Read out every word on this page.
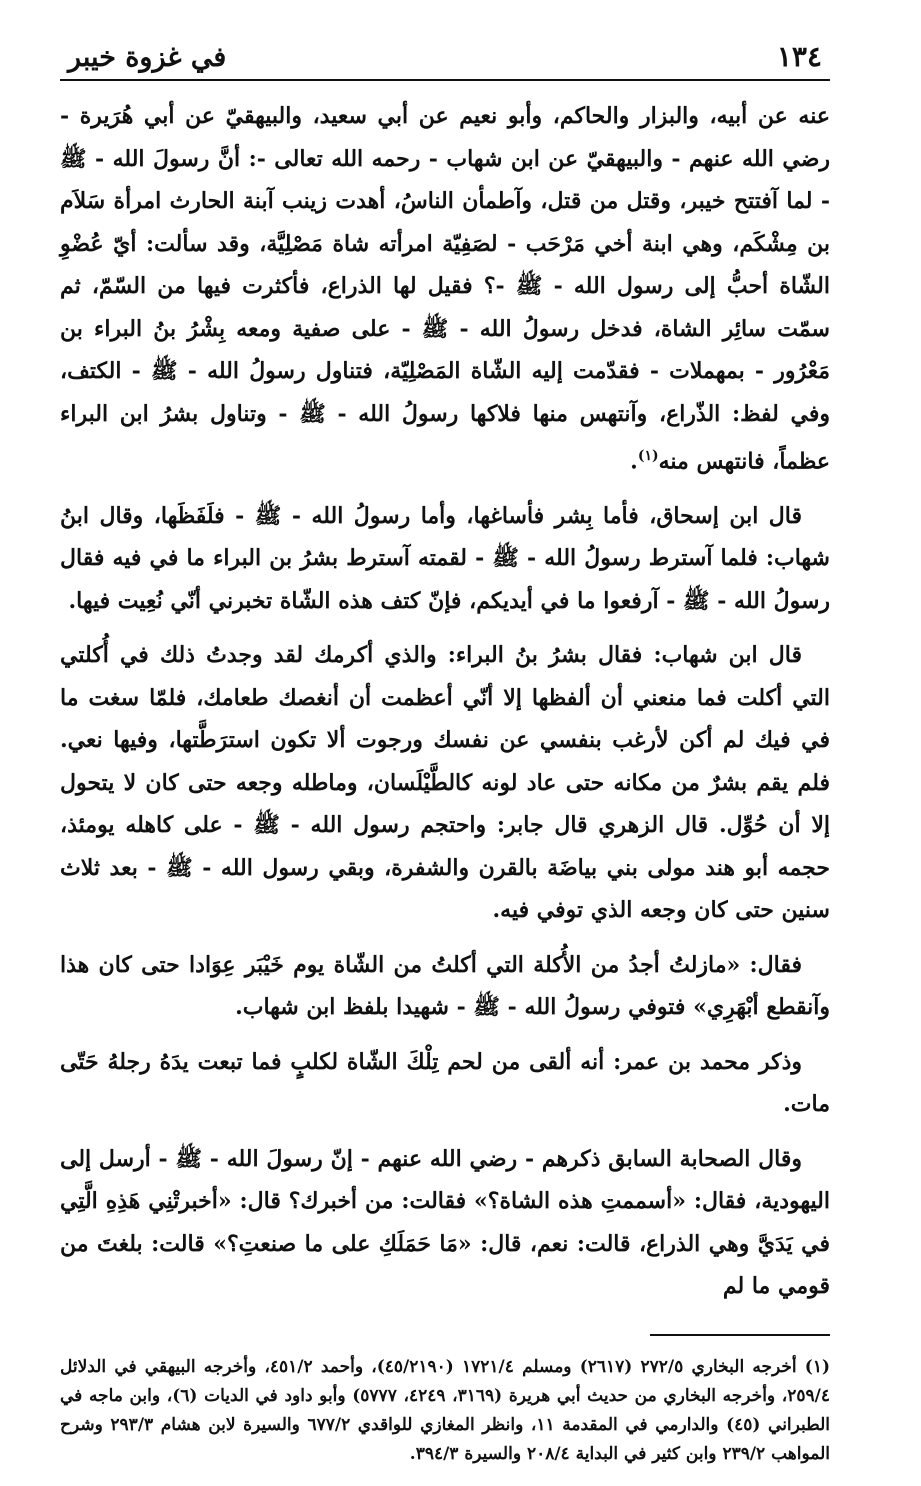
١٣٤
في غزوة خيبر

عنه عن أبيه، والبزار والحاكم، وأبو نعيم عن أبي سعيد، والبيهقيّ عن أبي هُرَيرة - رضي الله عنهم - والبيهقيّ عن ابن شهاب - رحمه الله تعالى -: أنَّ رسولَ الله - ﷺ - لما آفتتح خيبر، وقتل من قتل، وآطمأن الناسُ، أهدت زينب آبنة الحارث امرأة سَلاَم بن مِشْكَم، وهي ابنة أخي مَرْحَب - لصَفِيّة امرأته شاة مَصْلِيَّة، وقد سألت: أيّ عُضْوِ الشّاة أحبُّ إلى رسول الله - ﷺ -؟ فقيل لها الذراع، فأكثرت فيها من السّمّ، ثم سمّت سائِر الشاة، فدخل رسولُ الله - ﷺ - على صفية ومعه بِشْرُ بنُ البراء بن مَعْرُور - بمهملات - فقدّمت إليه الشّاة المَصْلِيّة، فتناول رسولُ الله - ﷺ - الكتف، وفي لفظ: الذّراع، وآنتهس منها فلاكها رسولُ الله - ﷺ - وتناول بشرُ ابن البراء عظماً، فانتهس منه$^{(١)}$.

قال ابن إسحاق، فأما بِشر فأساغها، وأما رسولُ الله - ﷺ - فلَفَظَها، وقال ابنُ شهاب: فلما آسترط رسولُ الله - ﷺ - لقمته آسترط بشرُ بن البراء ما في فيه فقال رسولُ الله - ﷺ - آرفعوا ما في أيديكم، فإنّ كتف هذه الشّاة تخبرني أنّي نُعِيت فيها.

قال ابن شهاب: فقال بشرُ بنُ البراء: والذي أكرمك لقد وجدتُ ذلك في أُكلتي التي أكلت فما منعني أن ألفظها إلا أنّي أعظمت أن أنغصك طعامك، فلمّا سغت ما في فيك لم أكن لأرغب بنفسي عن نفسك ورجوت ألا تكون استرَطَّتها، وفيها نعي. فلم يقم بشرٌ من مكانه حتى عاد لونه كالطَّيْلَسان، وماطله وجعه حتى كان لا يتحول إلا أن حُوِّل. قال الزهري قال جابر: واحتجم رسول الله - ﷺ - على كاهله يومئذ، حجمه أبو هند مولى بني بياضَة بالقرن والشفرة، وبقي رسول الله - ﷺ - بعد ثلاث سنين حتى كان وجعه الذي توفي فيه.

فقال: «مازلتُ أجدُ من الأُكلة التي أكلتُ من الشّاة يوم خَيْبَر عِوَادا حتى كان هذا وآنقطع أبْهَرِي» فتوفي رسولُ الله - ﷺ - شهيدا بلفظ ابن شهاب.

وذكر محمد بن عمر: أنه ألقى من لحم تِلْكَ الشّاة لكلبٍ فما تبعت يدَهُ رجلهُ حَتّى مات.

وقال الصحابة السابق ذكرهم - رضي الله عنهم - إنّ رسولَ الله - ﷺ - أرسل إلى اليهودية، فقال: «أسممتِ هذه الشاة؟» فقالت: من أخبرك؟ قال: «أخبرتْنِي هَذِهِ الَّتِي في يَدَيَّ وهي الذراع، قالت: نعم، قال: «مَا حَمَلَكِ على ما صنعتِ؟» قالت: بلغتَ من قومي ما لم

(١) أخرجه البخاري ٢٧٢/٥ (٢٦١٧) ومسلم ١٧٢١/٤ (٤٥/٢١٩٠)، وأحمد ٤٥١/٢، وأخرجه البيهقي في الدلائل ٢٥٩/٤، وأخرجه البخاري من حديث أبي هريرة (٣١٦٩، ٤٢٤٩، ٥٧٧٧) وأبو داود في الديات (٦)، وابن ماجه في الطبراني (٤٥) والدارمي في المقدمة ١١، وانظر المغازي للواقدي ٦٧٧/٢ والسيرة لابن هشام ٢٩٣/٣ وشرح المواهب ٢٣٩/٢ وابن كثير في البداية ٢٠٨/٤ والسيرة ٣٩٤/٣.
